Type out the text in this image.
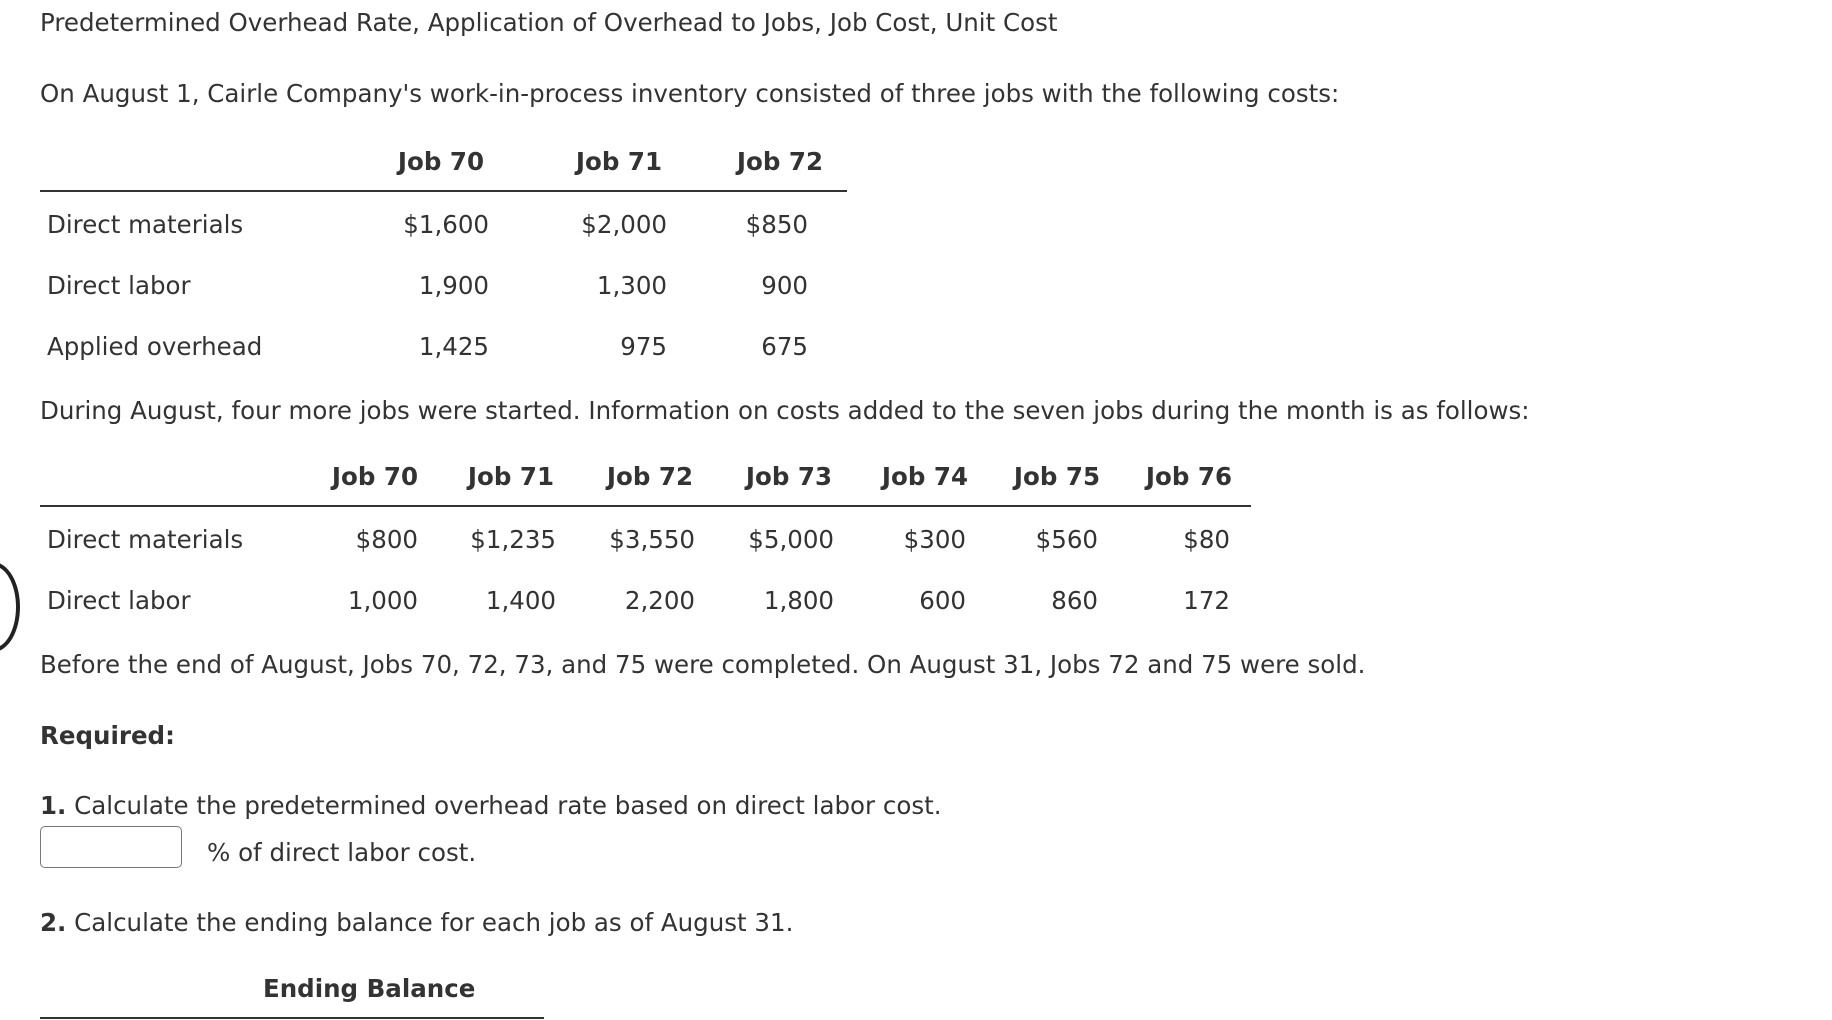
Predetermined Overhead Rate, Application of Overhead to Jobs, Job Cost, Unit Cost
On August 1, Cairle Company's work-in-process inventory consisted of three jobs with the following costs:
Job 70	Job 71	Job 72
Direct materials	$1,600	$2,000	$850
Direct labor	1,900	1,300	900
Applied overhead	1,425	975	675
During August, four more jobs were started. Information on costs added to the seven jobs during the month is as follows:
Job 70 Job 71 Job 72 Job 73 Job 74 Job 75 Job 76
Direct materials	$800 $1,235 $3,550 $5,000	$300	$560	$80
Direct labor	1,000	1,400	2,200	1,800	600	860	172
Before the end of August, Jobs 70, 72, 73, and 75 were completed. On August 31, Jobs 72 and 75 were sold.
Required:
1. Calculate the predetermined overhead rate based on direct labor cost.
% of direct labor cost.
2. Calculate the ending balance for each job as of August 31.
Ending Balance
